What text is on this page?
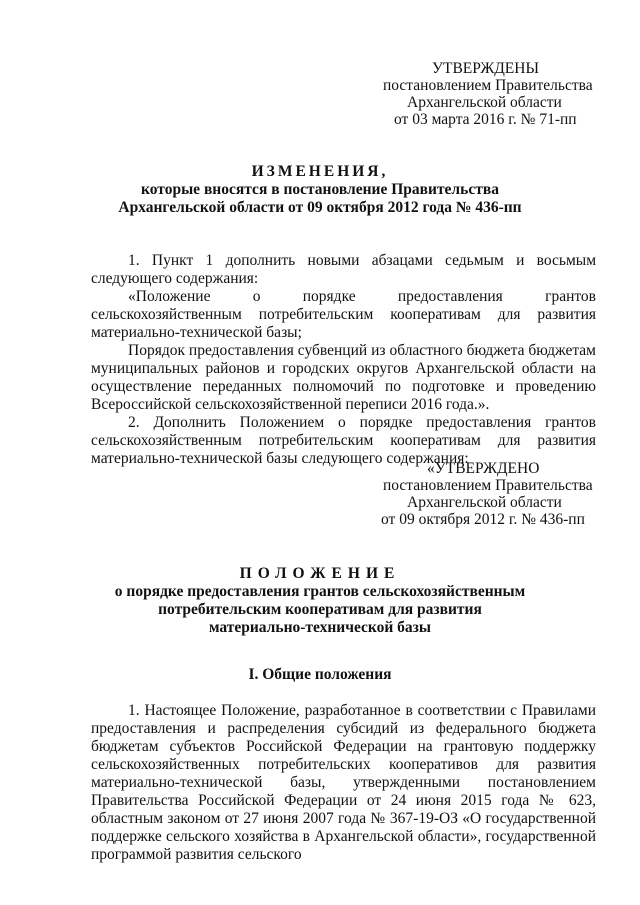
УТВЕРЖДЕНЫ
постановлением Правительства
Архангельской области
от 03 марта 2016 г. № 71-пп
ИЗМЕНЕНИЯ,
которые вносятся в постановление Правительства
Архангельской области от 09 октября 2012 года № 436-пп

1. Пункт 1 дополнить новыми абзацами седьмым и восьмым следующего содержания:

«Положение о порядке предоставления грантов сельскохозяйственным потребительским кооперативам для развития материально-технической базы;

Порядок предоставления субвенций из областного бюджета бюджетам муниципальных районов и городских округов Архангельской области на осуществление переданных полномочий по подготовке и проведению Всероссийской сельскохозяйственной переписи 2016 года.».

2. Дополнить Положением о порядке предоставления грантов сельскохозяйственным потребительским кооперативам для развития материально-технической базы следующего содержания:

«УТВЕРЖДЕНО
постановлением Правительства
Архангельской области
от 09 октября 2012 г. № 436-пп
ПОЛОЖЕНИЕ
о порядке предоставления грантов сельскохозяйственным
потребительским кооперативам для развития
материально-технической базы
I. Общие положения

1. Настоящее Положение, разработанное в соответствии с Правилами предоставления и распределения субсидий из федерального бюджета бюджетам субъектов Российской Федерации на грантовую поддержку сельскохозяйственных потребительских кооперативов для развития материально-технической базы, утвержденными постановлением Правительства Российской Федерации от 24 июня 2015 года № 623, областным законом от 27 июня 2007 года № 367-19-ОЗ «О государственной поддержке сельского хозяйства в Архангельской области», государственной программой развития сельского
